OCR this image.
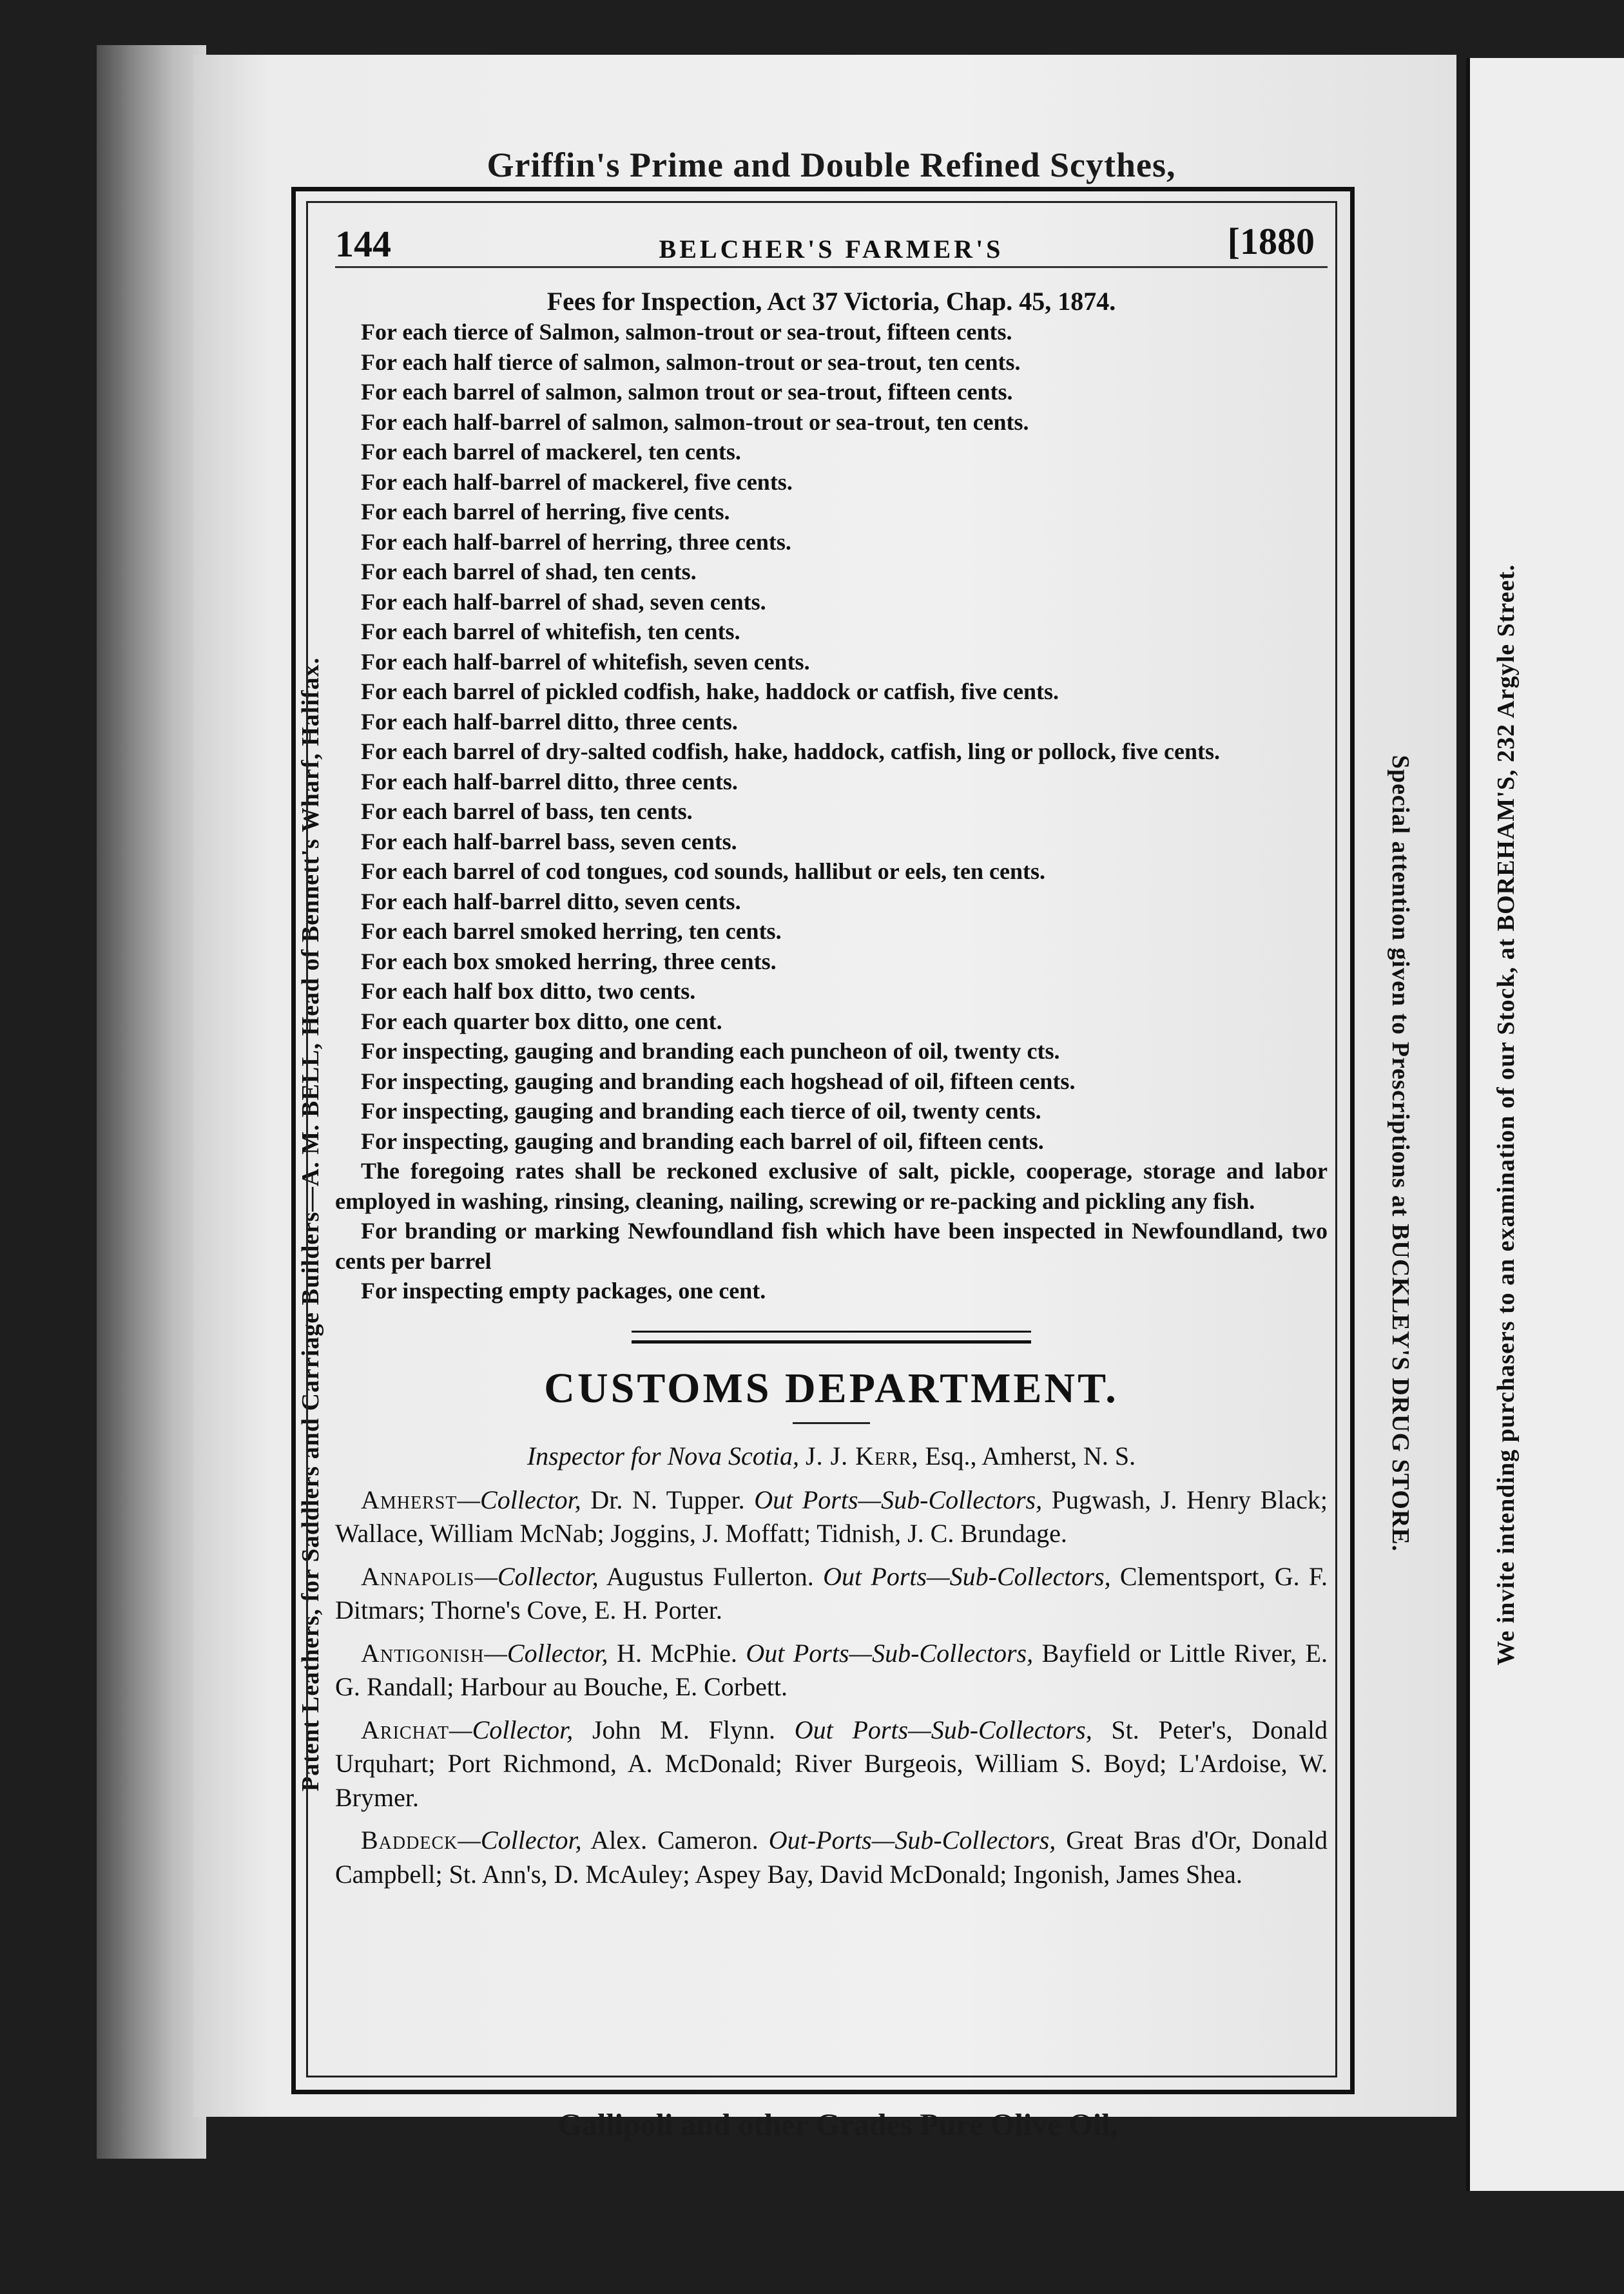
Griffin's Prime and Double Refined Scythes,
Patent Leathers, for Saddlers and Carriage Builders—A. M. BELL, Head of Bennett's Wharf, Halifax.	Special attention given to Prescriptions at BUCKLEY'S DRUG STORE.	We invite intending purchasers to an examination of our Stock, at BOREHAM'S, 232 Argyle Street.
144	BELCHER'S FARMER'S	[1880
Fees for Inspection, Act 37 Victoria, Chap. 45, 1874.

For each tierce of Salmon, salmon-trout or sea-trout, fifteen cents.

For each half tierce of salmon, salmon-trout or sea-trout, ten cents.

For each barrel of salmon, salmon trout or sea-trout, fifteen cents.

For each half-barrel of salmon, salmon-trout or sea-trout, ten cents.

For each barrel of mackerel, ten cents.

For each half-barrel of mackerel, five cents.

For each barrel of herring, five cents.

For each half-barrel of herring, three cents.

For each barrel of shad, ten cents.

For each half-barrel of shad, seven cents.

For each barrel of whitefish, ten cents.

For each half-barrel of whitefish, seven cents.

For each barrel of pickled codfish, hake, haddock or catfish, five cents.

For each half-barrel ditto, three cents.

For each barrel of dry-salted codfish, hake, haddock, catfish, ling or pollock, five cents.

For each half-barrel ditto, three cents.

For each barrel of bass, ten cents.

For each half-barrel bass, seven cents.

For each barrel of cod tongues, cod sounds, hallibut or eels, ten cents.

For each half-barrel ditto, seven cents.

For each barrel smoked herring, ten cents.

For each box smoked herring, three cents.

For each half box ditto, two cents.

For each quarter box ditto, one cent.

For inspecting, gauging and branding each puncheon of oil, twenty cts.

For inspecting, gauging and branding each hogshead of oil, fifteen cents.

For inspecting, gauging and branding each tierce of oil, twenty cents.

For inspecting, gauging and branding each barrel of oil, fifteen cents.

The foregoing rates shall be reckoned exclusive of salt, pickle, cooperage, storage and labor employed in washing, rinsing, cleaning, nailing, screwing or re-packing and pickling any fish.

For branding or marking Newfoundland fish which have been inspected in Newfoundland, two cents per barrel

For inspecting empty packages, one cent.

CUSTOMS DEPARTMENT.

Inspector for Nova Scotia, J. J. Kerr, Esq., Amherst, N. S.

Amherst—Collector, Dr. N. Tupper. Out Ports—Sub-Collectors, Pugwash, J. Henry Black; Wallace, William McNab; Joggins, J. Moffatt; Tidnish, J. C. Brundage.

Annapolis—Collector, Augustus Fullerton. Out Ports—Sub-Collectors, Clementsport, G. F. Ditmars; Thorne's Cove, E. H. Porter.

Antigonish—Collector, H. McPhie. Out Ports—Sub-Collectors, Bayfield or Little River, E. G. Randall; Harbour au Bouche, E. Corbett.

Arichat—Collector, John M. Flynn. Out Ports—Sub-Collectors, St. Peter's, Donald Urquhart; Port Richmond, A. McDonald; River Burgeois, William S. Boyd; L'Ardoise, W. Brymer.

Baddeck—Collector, Alex. Cameron. Out-Ports—Sub-Collectors, Great Bras d'Or, Donald Campbell; St. Ann's, D. McAuley; Aspey Bay, David McDonald; Ingonish, James Shea.

Gallipoli and other Grades Pure Olive Oil,
